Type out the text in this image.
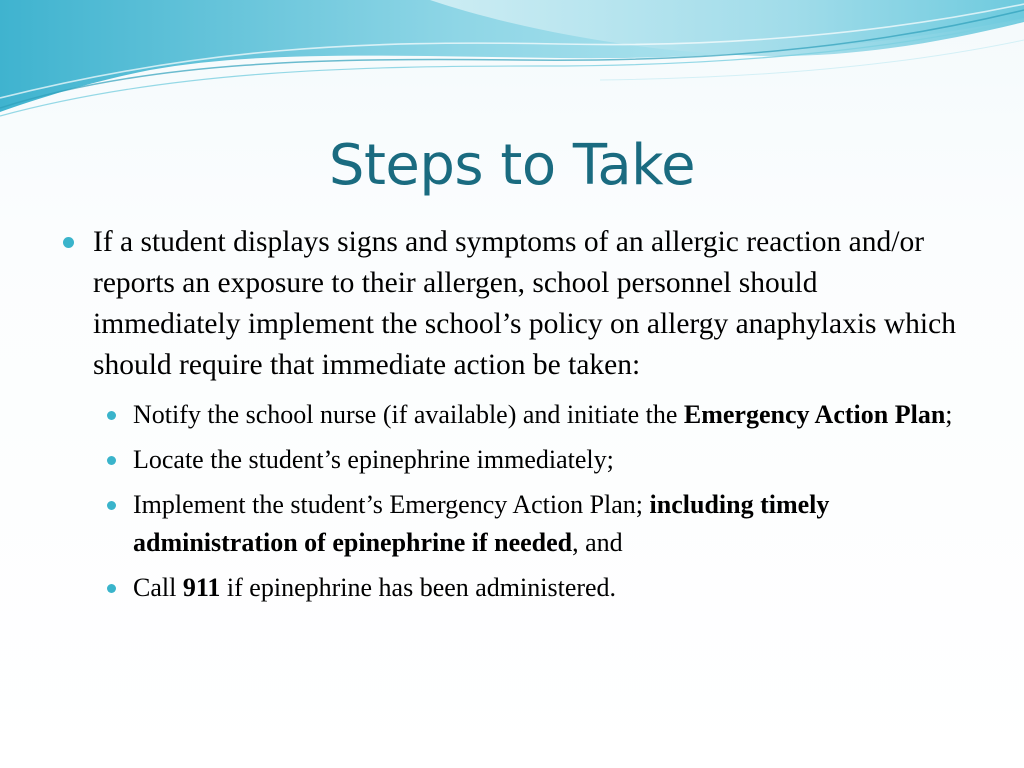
Steps to Take
If a student displays signs and symptoms of an allergic reaction and/or reports an exposure to their allergen, school personnel should immediately implement the school’s policy on allergy anaphylaxis which should require that immediate action be taken:
Notify the school nurse (if available) and initiate the Emergency Action Plan;
Locate the student’s epinephrine immediately;
Implement the student’s Emergency Action Plan; including timely administration of epinephrine if needed, and
Call 911 if epinephrine has been administered.
